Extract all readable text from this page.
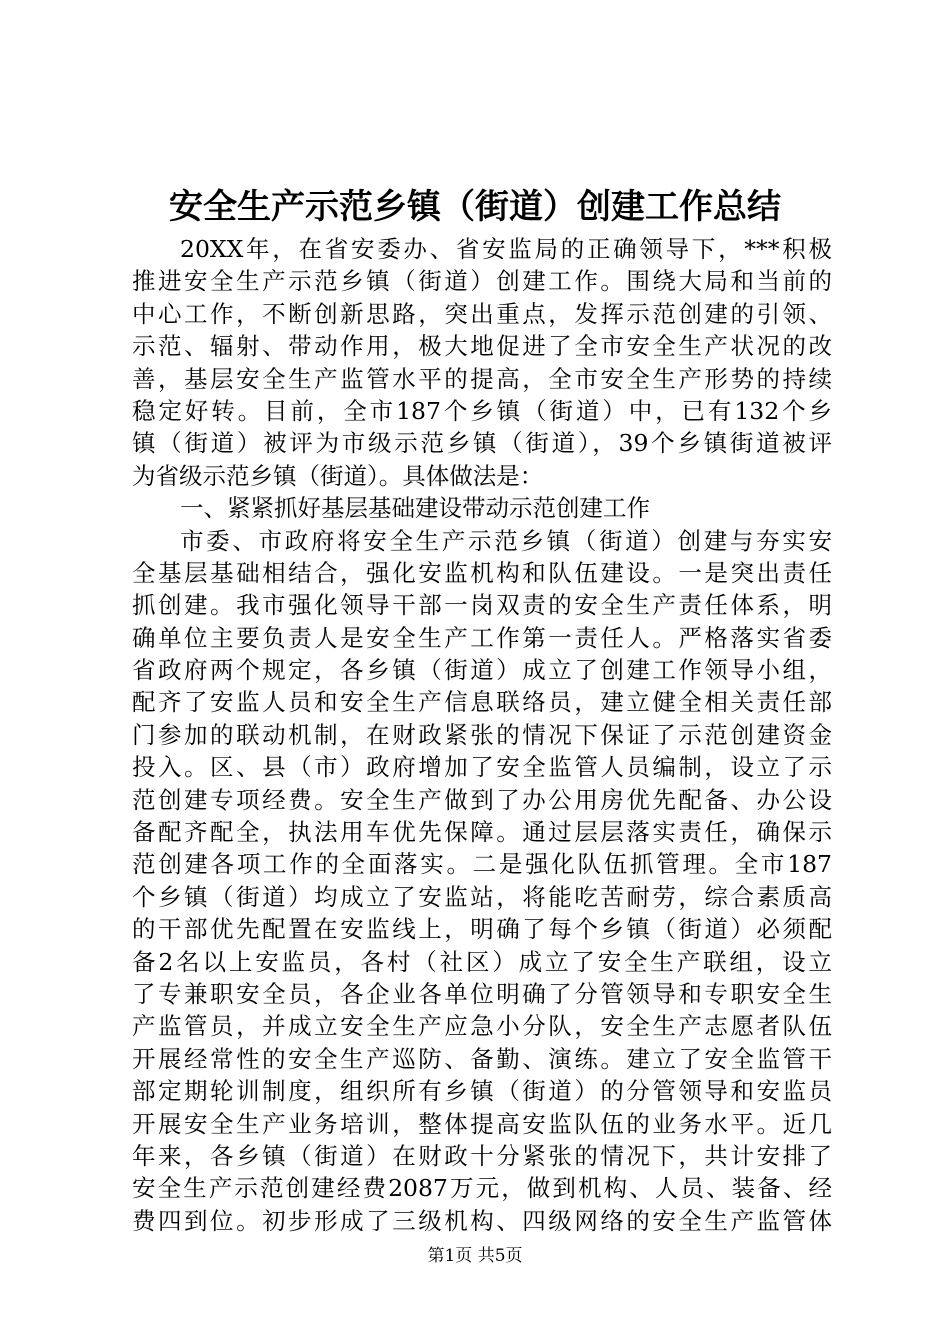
安全生产示范乡镇（街道）创建工作总结
20XX年，在省安委办、省安监局的正确领导下，***积极
推进安全生产示范乡镇（街道）创建工作。围绕大局和当前的
中心工作，不断创新思路，突出重点，发挥示范创建的引领、
示范、辐射、带动作用，极大地促进了全市安全生产状况的改
善，基层安全生产监管水平的提高，全市安全生产形势的持续
稳定好转。目前，全市187个乡镇（街道）中，已有132个乡
镇（街道）被评为市级示范乡镇（街道），39个乡镇街道被评
为省级示范乡镇（街道）。具体做法是：
一、紧紧抓好基层基础建设带动示范创建工作
市委、市政府将安全生产示范乡镇（街道）创建与夯实安
全基层基础相结合，强化安监机构和队伍建设。一是突出责任
抓创建。我市强化领导干部一岗双责的安全生产责任体系，明
确单位主要负责人是安全生产工作第一责任人。严格落实省委
省政府两个规定，各乡镇（街道）成立了创建工作领导小组，
配齐了安监人员和安全生产信息联络员，建立健全相关责任部
门参加的联动机制，在财政紧张的情况下保证了示范创建资金
投入。区、县（市）政府增加了安全监管人员编制，设立了示
范创建专项经费。安全生产做到了办公用房优先配备、办公设
备配齐配全，执法用车优先保障。通过层层落实责任，确保示
范创建各项工作的全面落实。二是强化队伍抓管理。全市187
个乡镇（街道）均成立了安监站，将能吃苦耐劳，综合素质高
的干部优先配置在安监线上，明确了每个乡镇（街道）必须配
备2名以上安监员，各村（社区）成立了安全生产联组，设立
了专兼职安全员，各企业各单位明确了分管领导和专职安全生
产监管员，并成立安全生产应急小分队，安全生产志愿者队伍
开展经常性的安全生产巡防、备勤、演练。建立了安全监管干
部定期轮训制度，组织所有乡镇（街道）的分管领导和安监员
开展安全生产业务培训，整体提高安监队伍的业务水平。近几
年来，各乡镇（街道）在财政十分紧张的情况下，共计安排了
安全生产示范创建经费2087万元，做到机构、人员、装备、经
费四到位。初步形成了三级机构、四级网络的安全生产监管体
第1页 共5页
